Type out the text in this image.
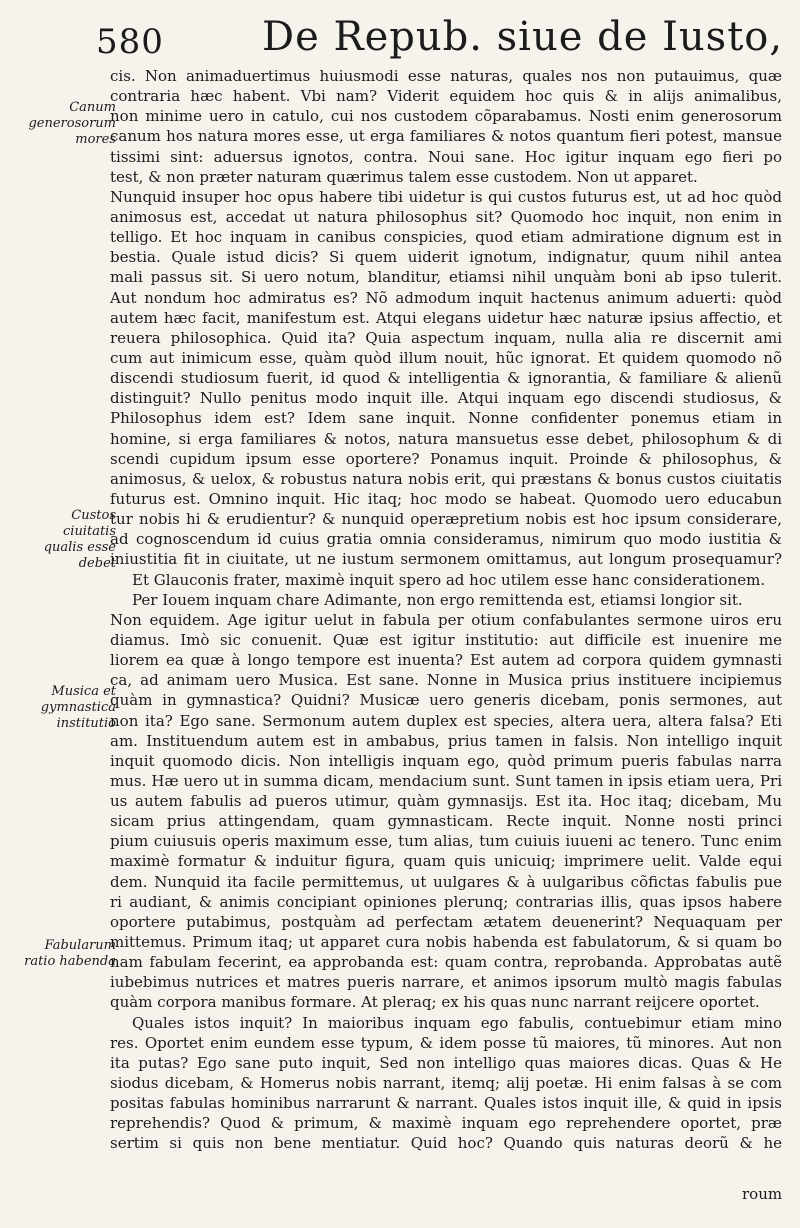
580 De Repub. siue de Iusto,
Canum generosorum mores
Custos ciuitatis qualis esse debet
Musica et gymnastica institutio
Fabularum ratio habenda
cis. Non animaduertimus huiusmodi esse naturas, quales nos non putauimus, quæ
contraria hæc habent. Vbi nam? Viderit equidem hoc quis & in alijs animalibus,
non minime uero in catulo, cui nos custodem cõparabamus. Nosti enim generosorum
canum hos natura mores esse, ut erga familiares & notos quantum fieri potest, mansue
tissimi sint: aduersus ignotos, contra. Noui sane. Hoc igitur inquam ego fieri po
test, & non præter naturam quærimus talem esse custodem. Non ut apparet.
Nunquid insuper hoc opus habere tibi uidetur is qui custos futurus est, ut ad hoc quòd
animosus est, accedat ut natura philosophus sit? Quomodo hoc inquit, non enim in
telligo. Et hoc inquam in canibus conspicies, quod etiam admiratione dignum est in
bestia. Quale istud dicis? Si quem uiderit ignotum, indignatur, quum nihil antea
mali passus sit. Si uero notum, blanditur, etiamsi nihil unquàm boni ab ipso tulerit.
Aut nondum hoc admiratus es? Nõ admodum inquit hactenus animum aduerti: quòd
autem hæc facit, manifestum est. Atqui elegans uidetur hæc naturæ ipsius affectio, et
reuera philosophica. Quid ita? Quia aspectum inquam, nulla alia re discernit ami
cum aut inimicum esse, quàm quòd illum nouit, hũc ignorat. Et quidem quomodo nõ
discendi studiosum fuerit, id quod & intelligentia & ignorantia, & familiare & alienũ
distinguit? Nullo penitus modo inquit ille. Atqui inquam ego discendi studiosus, &
Philosophus idem est? Idem sane inquit. Nonne confidenter ponemus etiam in
homine, si erga familiares & notos, natura mansuetus esse debet, philosophum & di
scendi cupidum ipsum esse oportere? Ponamus inquit. Proinde & philosophus, &
animosus, & uelox, & robustus natura nobis erit, qui præstans & bonus custos ciuitatis
futurus est. Omnino inquit. Hic itaq; hoc modo se habeat. Quomodo uero educabun
tur nobis hi & erudientur? & nunquid operæpretium nobis est hoc ipsum considerare,
ad cognoscendum id cuius gratia omnia consideramus, nimirum quo modo iustitia &
iniustitia fit in ciuitate, ut ne iustum sermonem omittamus, aut longum prosequamur?
Et Glauconis frater, maximè inquit spero ad hoc utilem esse hanc considerationem.
Per Iouem inquam chare Adimante, non ergo remittenda est, etiamsi longior sit.
Non equidem. Age igitur uelut in fabula per otium confabulantes sermone uiros eru
diamus. Imò sic conuenit. Quæ est igitur institutio: aut difficile est inuenire me
liorem ea quæ à longo tempore est inuenta? Est autem ad corpora quidem gymnasti
ca, ad animam uero Musica. Est sane. Nonne in Musica prius instituere incipiemus
quàm in gymnastica? Quidni? Musicæ uero generis dicebam, ponis sermones, aut
non ita? Ego sane. Sermonum autem duplex est species, altera uera, altera falsa? Eti
am. Instituendum autem est in ambabus, prius tamen in falsis. Non intelligo inquit
inquit quomodo dicis. Non intelligis inquam ego, quòd primum pueris fabulas narra
mus. Hæ uero ut in summa dicam, mendacium sunt. Sunt tamen in ipsis etiam uera, Pri
us autem fabulis ad pueros utimur, quàm gymnasijs. Est ita. Hoc itaq; dicebam, Mu
sicam prius attingendam, quam gymnasticam. Recte inquit. Nonne nosti princi
pium cuiusuis operis maximum esse, tum alias, tum cuiuis iuueni ac tenero. Tunc enim
maximè formatur & induitur figura, quam quis unicuiq; imprimere uelit. Valde equi
dem. Nunquid ita facile permittemus, ut uulgares & à uulgaribus cõfictas fabulis pue
ri audiant, & animis concipiant opiniones plerunq; contrarias illis, quas ipsos habere
oportere putabimus, postquàm ad perfectam ætatem deuenerint? Nequaquam per
mittemus. Primum itaq; ut apparet cura nobis habenda est fabulatorum, & si quam bo
nam fabulam fecerint, ea approbanda est: quam contra, reprobanda. Approbatas autẽ
iubebimus nutrices et matres pueris narrare, et animos ipsorum multò magis fabulas
quàm corpora manibus formare. At pleraq; ex his quas nunc narrant reijcere oportet.
Quales istos inquit? In maioribus inquam ego fabulis, contuebimur etiam mino
res. Oportet enim eundem esse typum, & idem posse tũ maiores, tũ minores. Aut non
ita putas? Ego sane puto inquit, Sed non intelligo quas maiores dicas. Quas & He
siodus dicebam, & Homerus nobis narrant, itemq; alij poetæ. Hi enim falsas à se com
positas fabulas hominibus narrarunt & narrant. Quales istos inquit ille, & quid in ipsis
reprehendis? Quod & primum, & maximè inquam ego reprehendere oportet, præ
sertim si quis non bene mentiatur. Quid hoc? Quando quis naturas deorũ & he
roum
